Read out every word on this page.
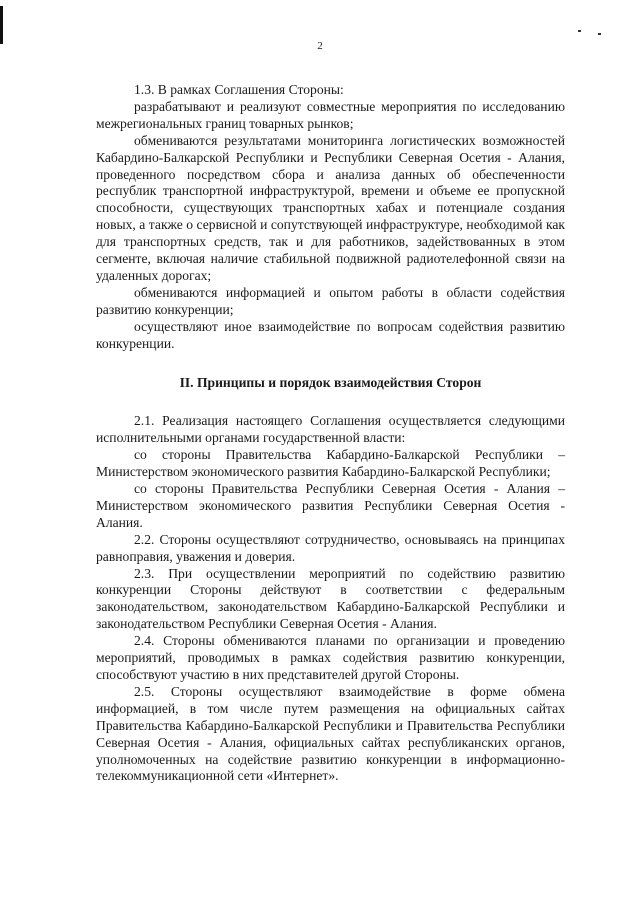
2

1.3. В рамках Соглашения Стороны:

разрабатывают и реализуют совместные мероприятия по исследованию межрегиональных границ товарных рынков;

обмениваются результатами мониторинга логистических возможностей Кабардино-Балкарской Республики и Республики Северная Осетия - Алания, проведенного посредством сбора и анализа данных об обеспеченности республик транспортной инфраструктурой, времени и объеме ее пропускной способности, существующих транспортных хабах и потенциале создания новых, а также о сервисной и сопутствующей инфраструктуре, необходимой как для транспортных средств, так и для работников, задействованных в этом сегменте, включая наличие стабильной подвижной радиотелефонной связи на удаленных дорогах;

обмениваются информацией и опытом работы в области содействия развитию конкуренции;

осуществляют иное взаимодействие по вопросам содействия развитию конкуренции.

II. Принципы и порядок взаимодействия Сторон

2.1. Реализация настоящего Соглашения осуществляется следующими исполнительными органами государственной власти:

со стороны Правительства Кабардино-Балкарской Республики – Министерством экономического развития Кабардино-Балкарской Республики;

со стороны Правительства Республики Северная Осетия - Алания – Министерством экономического развития Республики Северная Осетия - Алания.

2.2. Стороны осуществляют сотрудничество, основываясь на принципах равноправия, уважения и доверия.

2.3. При осуществлении мероприятий по содействию развитию конкуренции Стороны действуют в соответствии с федеральным законодательством, законодательством Кабардино-Балкарской Республики и законодательством Республики Северная Осетия - Алания.

2.4. Стороны обмениваются планами по организации и проведению мероприятий, проводимых в рамках содействия развитию конкуренции, способствуют участию в них представителей другой Стороны.

2.5. Стороны осуществляют взаимодействие в форме обмена информацией, в том числе путем размещения на официальных сайтах Правительства Кабардино-Балкарской Республики и Правительства Республики Северная Осетия - Алания, официальных сайтах республиканских органов, уполномоченных на содействие развитию конкуренции в информационно-телекоммуникационной сети «Интернет».
